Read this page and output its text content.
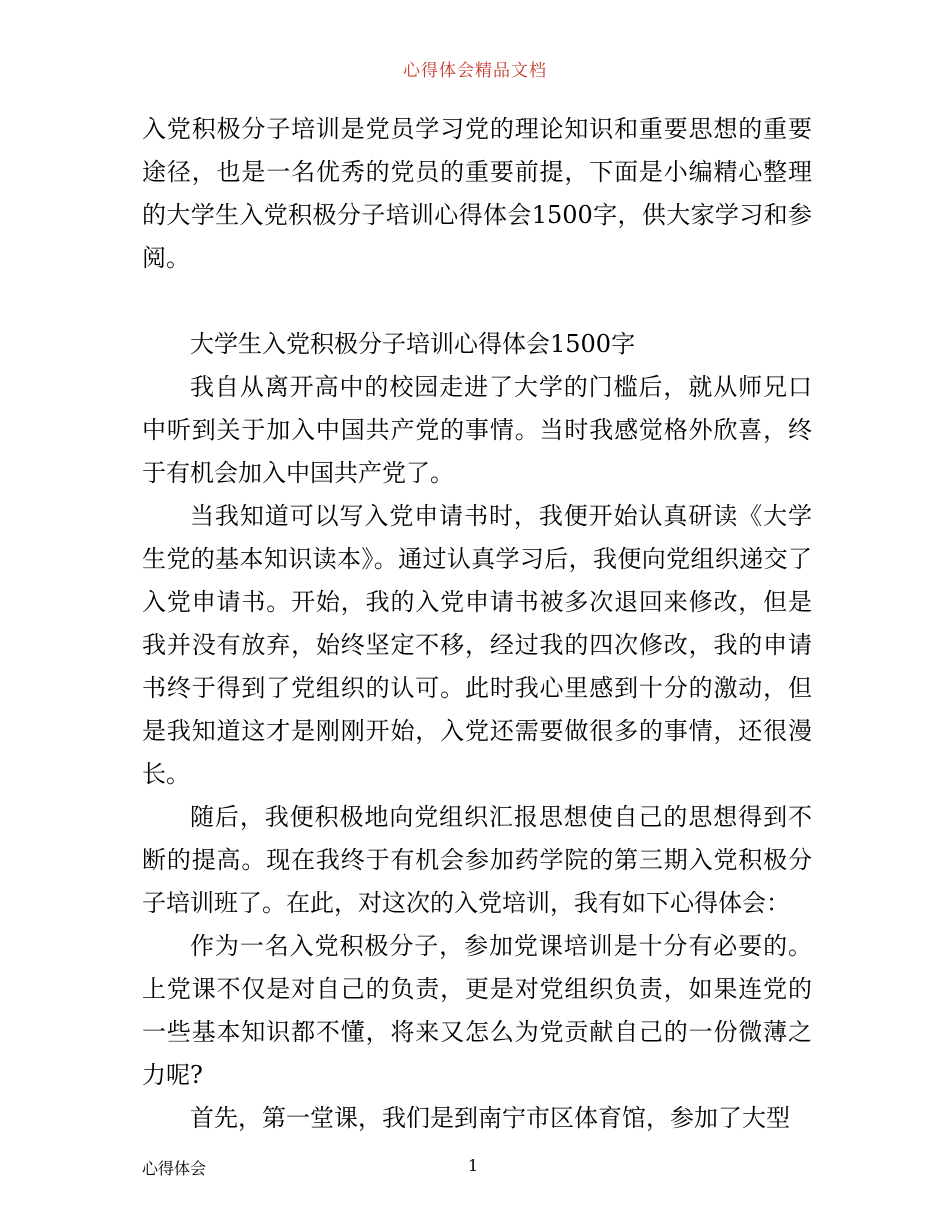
心得体会精品文档

入党积极分子培训是党员学习党的理论知识和重要思想的重要途径，也是一名优秀的党员的重要前提，下面是小编精心整理的大学生入党积极分子培训心得体会1500字，供大家学习和参阅。

大学生入党积极分子培训心得体会1500字

我自从离开高中的校园走进了大学的门槛后，就从师兄口中听到关于加入中国共产党的事情。当时我感觉格外欣喜，终于有机会加入中国共产党了。

当我知道可以写入党申请书时，我便开始认真研读《大学生党的基本知识读本》。通过认真学习后，我便向党组织递交了入党申请书。开始，我的入党申请书被多次退回来修改，但是我并没有放弃，始终坚定不移，经过我的四次修改，我的申请书终于得到了党组织的认可。此时我心里感到十分的激动，但是我知道这才是刚刚开始，入党还需要做很多的事情，还很漫长。

随后，我便积极地向党组织汇报思想使自己的思想得到不断的提高。现在我终于有机会参加药学院的第三期入党积极分子培训班了。在此，对这次的入党培训，我有如下心得体会：

作为一名入党积极分子，参加党课培训是十分有必要的。上党课不仅是对自己的负责，更是对党组织负责，如果连党的一些基本知识都不懂，将来又怎么为党贡献自己的一份微薄之力呢?

首先，第一堂课，我们是到南宁市区体育馆，参加了大型

心得体会	1
